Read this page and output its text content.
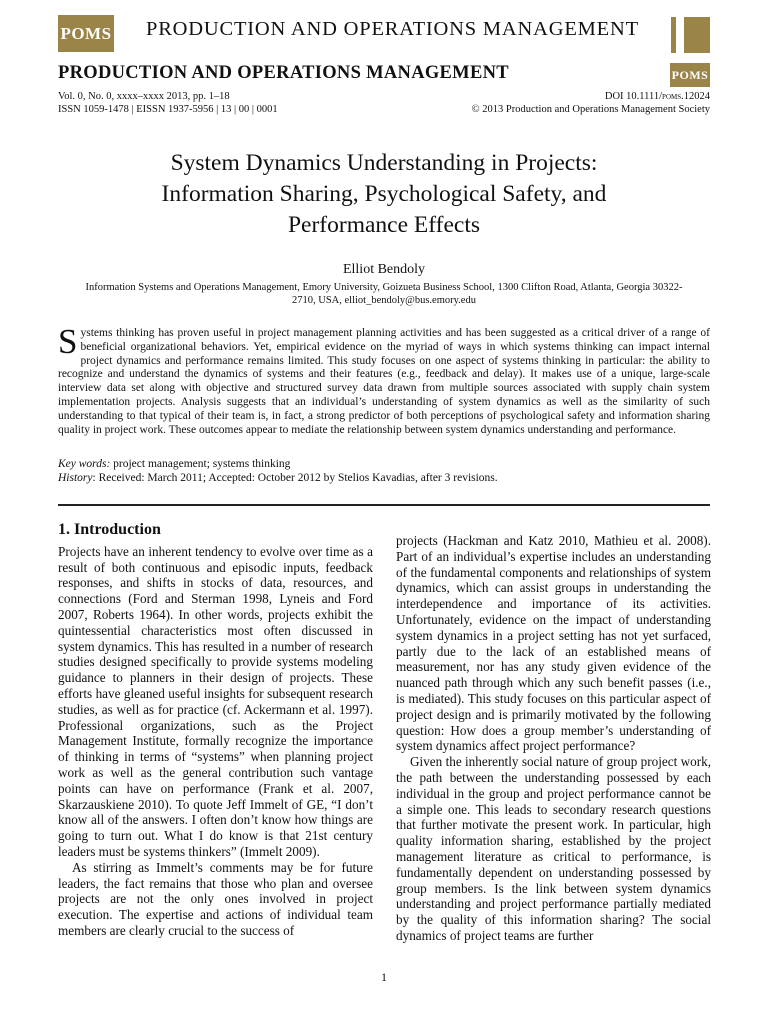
POMS PRODUCTION AND OPERATIONS MANAGEMENT
PRODUCTION AND OPERATIONS MANAGEMENT	POMS
Vol. 0, No. 0, xxxx–xxxx 2013, pp. 1–18
ISSN 1059-1478 | EISSN 1937-5956 | 13 | 00 | 0001
DOI 10.1111/poms.12024
© 2013 Production and Operations Management Society
System Dynamics Understanding in Projects:
Information Sharing, Psychological Safety, and
Performance Effects
Elliot Bendoly
Information Systems and Operations Management, Emory University, Goizueta Business School, 1300 Clifton Road, Atlanta, Georgia 30322-2710, USA, elliot_bendoly@bus.emory.edu
Systems thinking has proven useful in project management planning activities and has been suggested as a critical driver of a range of beneficial organizational behaviors. Yet, empirical evidence on the myriad of ways in which systems thinking can impact internal project dynamics and performance remains limited. This study focuses on one aspect of systems thinking in particular: the ability to recognize and understand the dynamics of systems and their features (e.g., feedback and delay). It makes use of a unique, large-scale interview data set along with objective and structured survey data drawn from multiple sources associated with supply chain system implementation projects. Analysis suggests that an individual’s understanding of system dynamics as well as the similarity of such understanding to that typical of their team is, in fact, a strong predictor of both perceptions of psychological safety and information sharing quality in project work. These outcomes appear to mediate the relationship between system dynamics understanding and performance.
Key words: project management; systems thinking
History: Received: March 2011; Accepted: October 2012 by Stelios Kavadias, after 3 revisions.
1. Introduction

Projects have an inherent tendency to evolve over time as a result of both continuous and episodic inputs, feedback responses, and shifts in stocks of data, resources, and connections (Ford and Sterman 1998, Lyneis and Ford 2007, Roberts 1964). In other words, projects exhibit the quintessential characteristics most often discussed in system dynamics. This has resulted in a number of research studies designed specifically to provide systems modeling guidance to planners in their design of projects. These efforts have gleaned useful insights for subsequent research studies, as well as for practice (cf. Ackermann et al. 1997). Professional organizations, such as the Project Management Institute, formally recognize the importance of thinking in terms of “systems” when planning project work as well as the general contribution such vantage points can have on performance (Frank et al. 2007, Skarzauskiene 2010). To quote Jeff Immelt of GE, “I don’t know all of the answers. I often don’t know how things are going to turn out. What I do know is that 21st century leaders must be systems thinkers” (Immelt 2009).

As stirring as Immelt’s comments may be for future leaders, the fact remains that those who plan and oversee projects are not the only ones involved in project execution. The expertise and actions of individual team members are clearly crucial to the success of

projects (Hackman and Katz 2010, Mathieu et al. 2008). Part of an individual’s expertise includes an understanding of the fundamental components and relationships of system dynamics, which can assist groups in understanding the interdependence and importance of its activities. Unfortunately, evidence on the impact of understanding system dynamics in a project setting has not yet surfaced, partly due to the lack of an established means of measurement, nor has any study given evidence of the nuanced path through which any such benefit passes (i.e., is mediated). This study focuses on this particular aspect of project design and is primarily motivated by the following question: How does a group member’s understanding of system dynamics affect project performance?

Given the inherently social nature of group project work, the path between the understanding possessed by each individual in the group and project performance cannot be a simple one. This leads to secondary research questions that further motivate the present work. In particular, high quality information sharing, established by the project management literature as critical to performance, is fundamentally dependent on understanding possessed by group members. Is the link between system dynamics understanding and project performance partially mediated by the quality of this information sharing? The social dynamics of project teams are further

1
